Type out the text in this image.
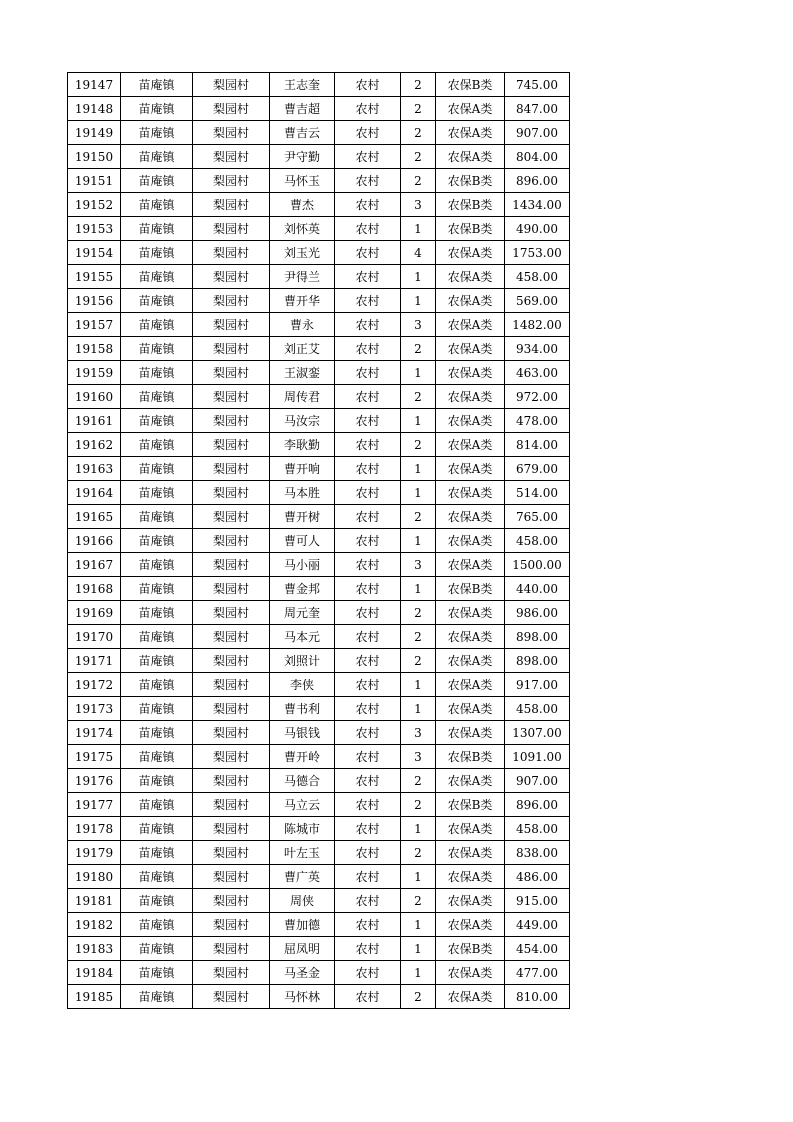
19147	苗庵镇	梨园村	王志奎	农村	2	农保B类	745.00
19148	苗庵镇	梨园村	曹吉超	农村	2	农保A类	847.00
19149	苗庵镇	梨园村	曹吉云	农村	2	农保A类	907.00
19150	苗庵镇	梨园村	尹守勤	农村	2	农保A类	804.00
19151	苗庵镇	梨园村	马怀玉	农村	2	农保B类	896.00
19152	苗庵镇	梨园村	曹杰	农村	3	农保B类	1434.00
19153	苗庵镇	梨园村	刘怀英	农村	1	农保B类	490.00
19154	苗庵镇	梨园村	刘玉光	农村	4	农保A类	1753.00
19155	苗庵镇	梨园村	尹得兰	农村	1	农保A类	458.00
19156	苗庵镇	梨园村	曹开华	农村	1	农保A类	569.00
19157	苗庵镇	梨园村	曹永	农村	3	农保A类	1482.00
19158	苗庵镇	梨园村	刘正艾	农村	2	农保A类	934.00
19159	苗庵镇	梨园村	王淑銮	农村	1	农保A类	463.00
19160	苗庵镇	梨园村	周传君	农村	2	农保A类	972.00
19161	苗庵镇	梨园村	马汝宗	农村	1	农保A类	478.00
19162	苗庵镇	梨园村	李耿勤	农村	2	农保A类	814.00
19163	苗庵镇	梨园村	曹开响	农村	1	农保A类	679.00
19164	苗庵镇	梨园村	马本胜	农村	1	农保A类	514.00
19165	苗庵镇	梨园村	曹开树	农村	2	农保A类	765.00
19166	苗庵镇	梨园村	曹可人	农村	1	农保A类	458.00
19167	苗庵镇	梨园村	马小丽	农村	3	农保A类	1500.00
19168	苗庵镇	梨园村	曹金邦	农村	1	农保B类	440.00
19169	苗庵镇	梨园村	周元奎	农村	2	农保A类	986.00
19170	苗庵镇	梨园村	马本元	农村	2	农保A类	898.00
19171	苗庵镇	梨园村	刘照计	农村	2	农保A类	898.00
19172	苗庵镇	梨园村	李侠	农村	1	农保A类	917.00
19173	苗庵镇	梨园村	曹书利	农村	1	农保A类	458.00
19174	苗庵镇	梨园村	马银钱	农村	3	农保A类	1307.00
19175	苗庵镇	梨园村	曹开岭	农村	3	农保B类	1091.00
19176	苗庵镇	梨园村	马德合	农村	2	农保A类	907.00
19177	苗庵镇	梨园村	马立云	农村	2	农保B类	896.00
19178	苗庵镇	梨园村	陈城市	农村	1	农保A类	458.00
19179	苗庵镇	梨园村	叶左玉	农村	2	农保A类	838.00
19180	苗庵镇	梨园村	曹广英	农村	1	农保A类	486.00
19181	苗庵镇	梨园村	周侠	农村	2	农保A类	915.00
19182	苗庵镇	梨园村	曹加德	农村	1	农保A类	449.00
19183	苗庵镇	梨园村	屈凤明	农村	1	农保B类	454.00
19184	苗庵镇	梨园村	马圣金	农村	1	农保A类	477.00
19185	苗庵镇	梨园村	马怀林	农村	2	农保A类	810.00
